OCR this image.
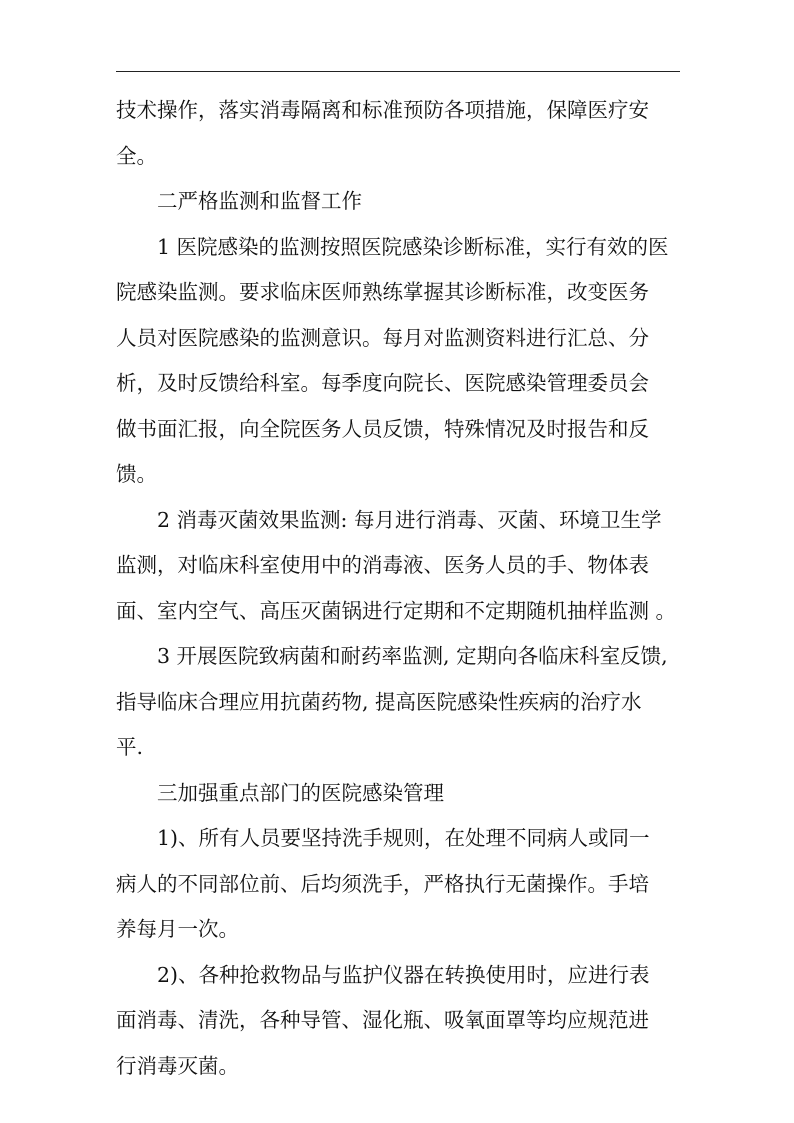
技术操作，落实消毒隔离和标准预防各项措施，保障医疗安
全。
二严格监测和监督工作
1 医院感染的监测按照医院感染诊断标准，实行有效的医
院感染监测。要求临床医师熟练掌握其诊断标准，改变医务
人员对医院感染的监测意识。每月对监测资料进行汇总、分
析，及时反馈给科室。每季度向院长、医院感染管理委员会
做书面汇报，向全院医务人员反馈，特殊情况及时报告和反
馈。
2 消毒灭菌效果监测: 每月进行消毒、灭菌、环境卫生学
监测，对临床科室使用中的消毒液、医务人员的手、物体表
面、室内空气、高压灭菌锅进行定期和不定期随机抽样监测 。
3 开展医院致病菌和耐药率监测, 定期向各临床科室反馈,
指导临床合理应用抗菌药物, 提高医院感染性疾病的治疗水
平.
三加强重点部门的医院感染管理
1)、所有人员要坚持洗手规则，在处理不同病人或同一
病人的不同部位前、后均须洗手，严格执行无菌操作。手培
养每月一次。
2)、各种抢救物品与监护仪器在转换使用时，应进行表
面消毒、清洗，各种导管、湿化瓶、吸氧面罩等均应规范进
行消毒灭菌。
